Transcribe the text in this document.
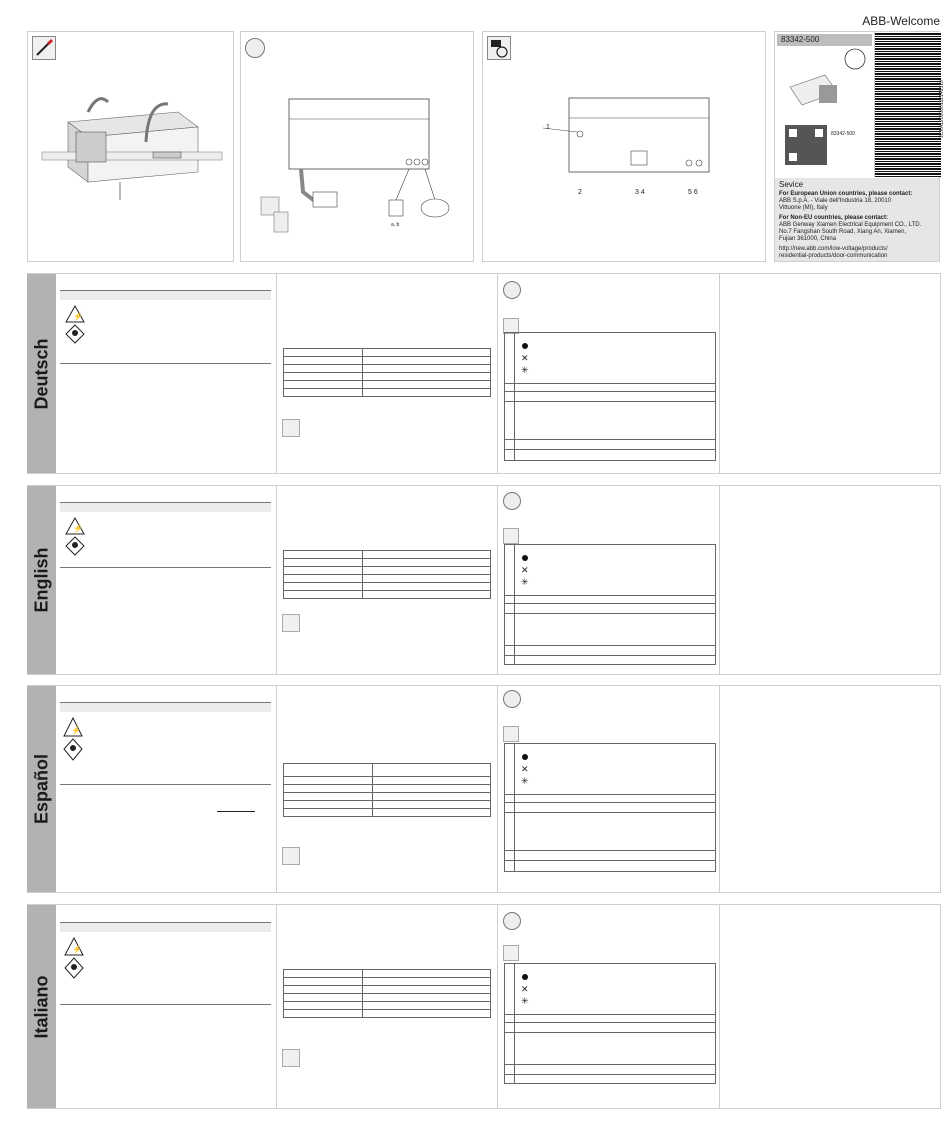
ABB-Welcome
a, b
1
2	3 4	5 6
83342-500
83342-500	2CKA1200000162148510
Sevice
For European Union countries, please contact:
ABB S.p.A. - Viale dell'Industria 18, 20010
Vittuone (MI), Italy
For Non-EU countries, please contact:
ABB Genway Xiamen Electrical Equipment CO., LTD.
No.7 Fangshan South Road, Xiang An, Xiamen,
Fujian 361000, China
http://new.abb.com/low-voltage/products/
residential-products/door-communication
Deutsch
⚡

✕
✳
English
⚡

✕
✳
Español
⚡

✕
✳
Italiano
⚡

✕
✳
